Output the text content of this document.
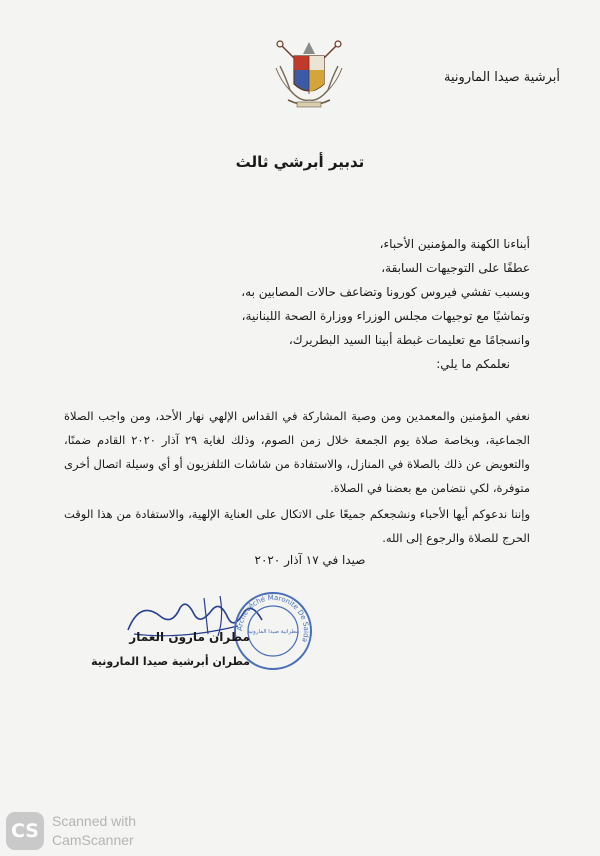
أبرشية صيدا المارونية
تدبير أبرشي ثالث
أبناءنا الكهنة والمؤمنين الأحباء،
عطفًا على التوجيهات السابقة،
وبسبب تفشي فيروس كورونا وتضاعف حالات المصابين به،
وتماشيًا مع توجيهات مجلس الوزراء ووزارة الصحة اللبنانية،
وانسجامًا مع تعليمات غبطة أبينا السيد البطريرك،
نعلمكم ما يلي:
نعفي المؤمنين والمعمدين ومن وصية المشاركة في القداس الإلهي نهار الأحد، ومن واجب الصلاة الجماعية، وبخاصة صلاة يوم الجمعة خلال زمن الصوم، وذلك لغاية ٢٩ آذار ٢٠٢٠ القادم ضمنًا، والتعويض عن ذلك بالصلاة في المنازل، والاستفادة من شاشات التلفزيون أو أي وسيلة اتصال أخرى متوفرة، لكي نتضامن مع بعضنا في الصلاة.
وإننا ندعوكم أيها الأحباء ونشجعكم جميعًا على الاتكال على العناية الإلهية، والاستفادة من هذا الوقت الحرج للصلاة والرجوع إلى الله.
صيدا في ١٧ آذار ٢٠٢٠
Archevêché Maronite De Saida
مطرانية صيدا المارونية
مطران مارون العمار
مطران أبرشية صيدا المارونية
CS Scanned with
CamScanner
